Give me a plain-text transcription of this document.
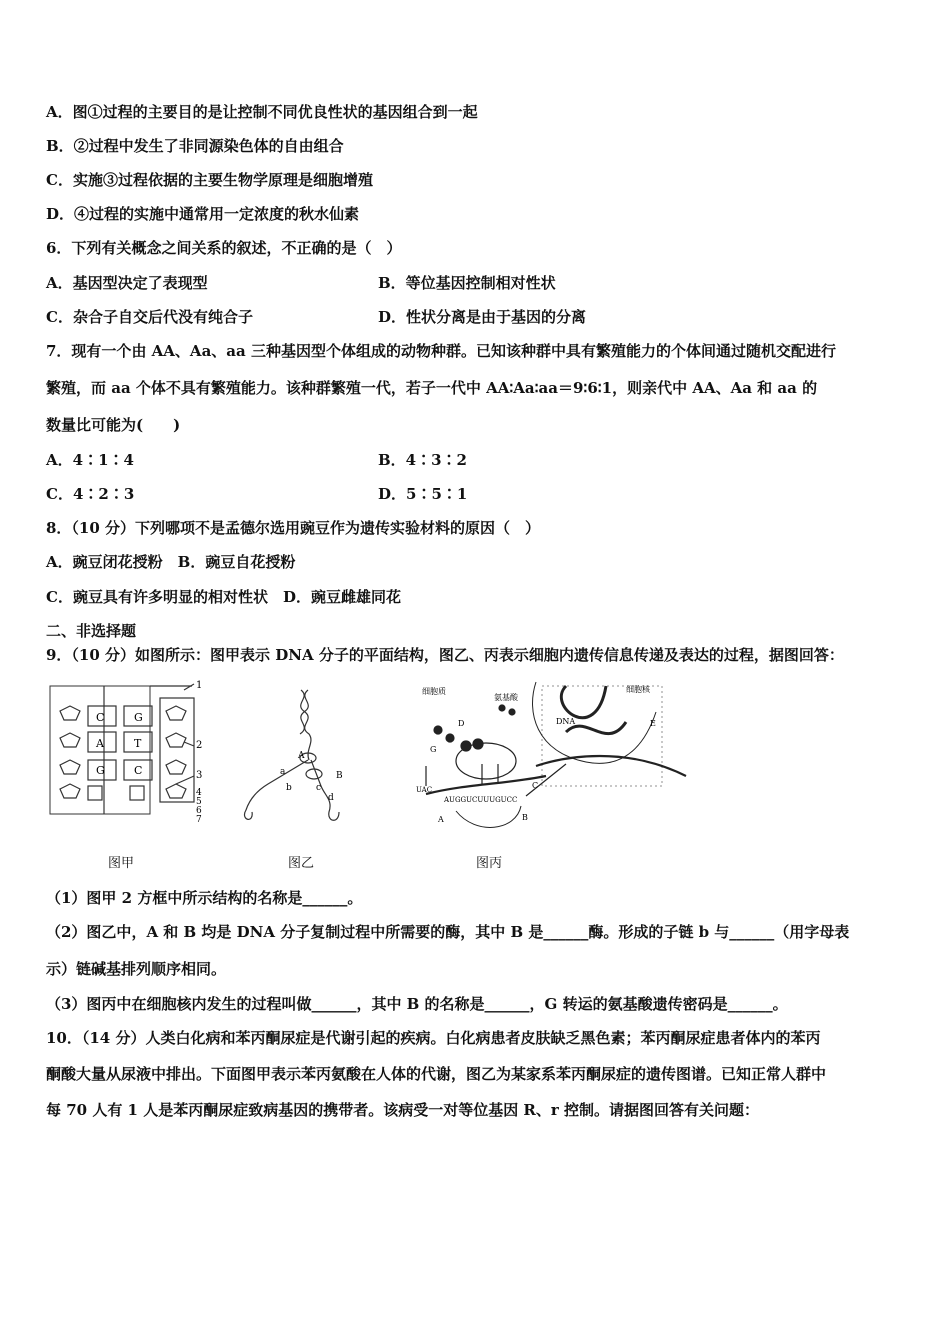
A．图①过程的主要目的是让控制不同优良性状的基因组合到一起
B．②过程中发生了非同源染色体的自由组合
C．实施③过程依据的主要生物学原理是细胞增殖
D．④过程的实施中通常用一定浓度的秋水仙素
6．下列有关概念之间关系的叙述，不正确的是（　）
A．基因型决定了表现型	B．等位基因控制相对性状
C．杂合子自交后代没有纯合子	D．性状分离是由于基因的分离
7．现有一个由 AA、Aa、aa 三种基因型个体组成的动物种群。已知该种群中具有繁殖能力的个体间通过随机交配进行
繁殖，而 aa 个体不具有繁殖能力。该种群繁殖一代，若子一代中 AA∶Aa∶aa＝9∶6∶1，则亲代中 AA、Aa 和 aa 的
数量比可能为(　　)
A．4∶1∶4	B．4∶3∶2
C．4∶2∶3	D．5∶5∶1
8．（10 分）下列哪项不是孟德尔选用豌豆作为遗传实验材料的原因（　）
A．豌豆闭花授粉　B．豌豆自花授粉
C．豌豆具有许多明显的相对性状　D．豌豆雌雄同花
二、非选择题
9．（10 分）如图所示：图甲表示 DNA 分子的平面结构，图乙、丙表示细胞内遗传信息传递及表达的过程，据图回答：
C	G
A	T
G	C
1
2
3
4
5
6
7
A
B
a
b	c
d
细胞质
氨基酸
细胞核
DNA
D
G
B
E
A
C
UAC
AUGGUCUUUGUCC
图甲	图乙	图丙
（1）图甲 2 方框中所示结构的名称是______。
（2）图乙中，A 和 B 均是 DNA 分子复制过程中所需要的酶，其中 B 是______酶。形成的子链 b 与______（用字母表
示）链碱基排列顺序相同。
（3）图丙中在细胞核内发生的过程叫做______，其中 B 的名称是______，G 转运的氨基酸遗传密码是______。
10．（14 分）人类白化病和苯丙酮尿症是代谢引起的疾病。白化病患者皮肤缺乏黑色素；苯丙酮尿症患者体内的苯丙
酮酸大量从尿液中排出。下面图甲表示苯丙氨酸在人体的代谢，图乙为某家系苯丙酮尿症的遗传图谱。已知正常人群中
每 70 人有 1 人是苯丙酮尿症致病基因的携带者。该病受一对等位基因 R、r 控制。请据图回答有关问题：
